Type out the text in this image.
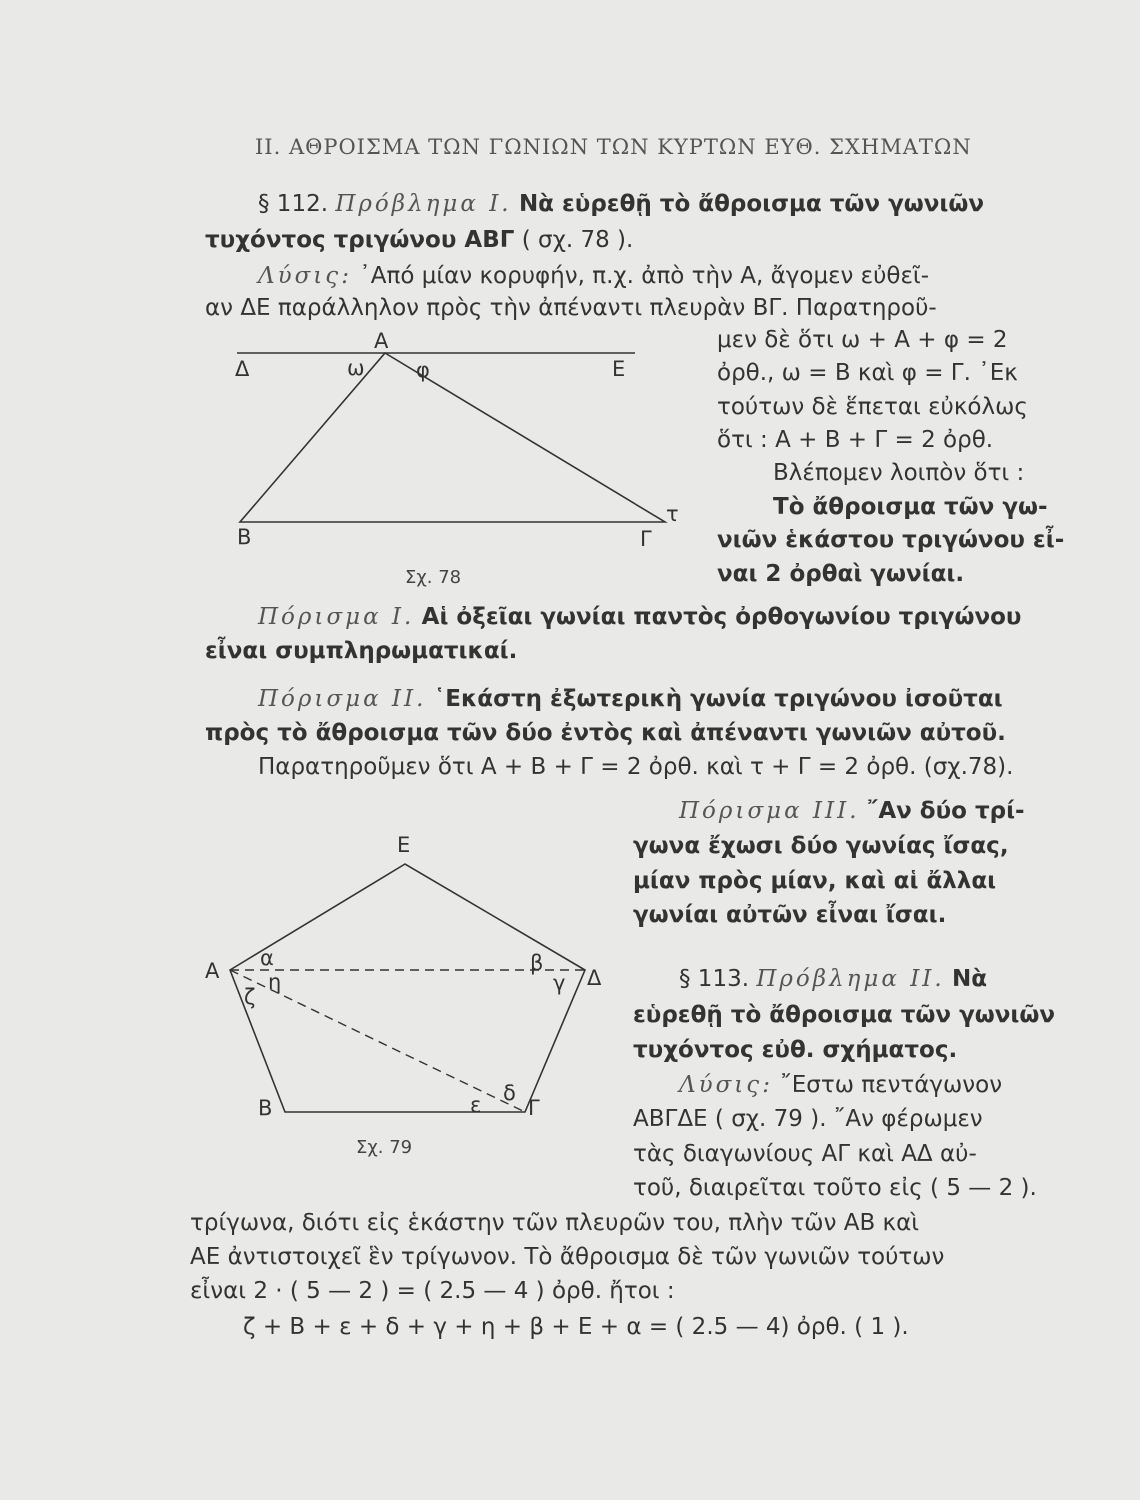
II. ΑΘΡΟΙΣΜΑ ΤΩΝ ΓΩΝΙΩΝ ΤΩΝ ΚΥΡΤΩΝ ΕΥΘ. ΣΧΗΜΑΤΩΝ
§ 112. Πρόβλημα I. Νὰ εὑρεθῇ τὸ ἄθροισμα τῶν γωνιῶν
τυχόντος τριγώνου ΑΒΓ ( σχ. 78 ).
Λύσις: ᾿Από μίαν κορυφήν, π.χ. ἀπὸ τὴν Α, ἄγομεν εὐθεῖ-
αν ΔΕ παράλληλον πρὸς τὴν ἀπέναντι πλευρὰν ΒΓ. Παρατηροῦ-
μεν δὲ ὅτι ω + Α + φ = 2
ὀρθ., ω = Β καὶ φ = Γ. ᾿Εκ
τούτων δὲ ἕπεται εὐκόλως
ὅτι : Α + Β + Γ = 2 ὀρθ.
Βλέπομεν λοιπὸν ὅτι :
Τὸ ἄθροισμα τῶν γω-
νιῶν ἑκάστου τριγώνου εἶ-
ναι 2 ὀρθαὶ γωνίαι.
Α
Δ	Ε
ω φ
Β	Γ
τ
Σχ. 78
Πόρισμα I. Αἱ ὀξεῖαι γωνίαι παντὸς ὀρθογωνίου τριγώνου
εἶναι συμπληρωματικαί.
Πόρισμα II. ῾Εκάστη ἐξωτερικὴ γωνία τριγώνου ἰσοῦται
πρὸς τὸ ἄθροισμα τῶν δύο ἐντὸς καὶ ἀπέναντι γωνιῶν αὐτοῦ.
Παρατηροῦμεν ὅτι Α + Β + Γ = 2 ὀρθ. καὶ τ + Γ = 2 ὀρθ. (σχ.78).
Πόρισμα III. ῎Αν δύο τρί-
γωνα ἔχωσι δύο γωνίας ἴσας,
μίαν πρὸς μίαν, καὶ αἱ ἄλλαι
γωνίαι αὐτῶν εἶναι ἴσαι.
§ 113. Πρόβλημα II. Νὰ
εὑρεθῇ τὸ ἄθροισμα τῶν γωνιῶν
τυχόντος εὐθ. σχήματος.
Λύσις: ῎Εστω πεντάγωνον
ΑΒΓΔΕ ( σχ. 79 ). ῎Αν φέρωμεν
τὰς διαγωνίους ΑΓ καὶ ΑΔ αὐ-
τοῦ, διαιρεῖται τοῦτο εἰς ( 5 — 2 ).
τρίγωνα, διότι εἰς ἑκάστην τῶν πλευρῶν του, πλὴν τῶν ΑΒ καὶ
ΑΕ ἀντιστοιχεῖ ἓν τρίγωνον. Τὸ ἄθροισμα δὲ τῶν γωνιῶν τούτων
εἶναι 2 · ( 5 — 2 ) = ( 2.5 — 4 ) ὀρθ. ἤτοι :
ζ + Β + ε + δ + γ + η + β + Ε + α = ( 2.5 — 4) ὀρθ. ( 1 ).
Ε
Α	Δ
Β	Γ
α
η
ζ
β
γ
δ
ε
Σχ. 79
